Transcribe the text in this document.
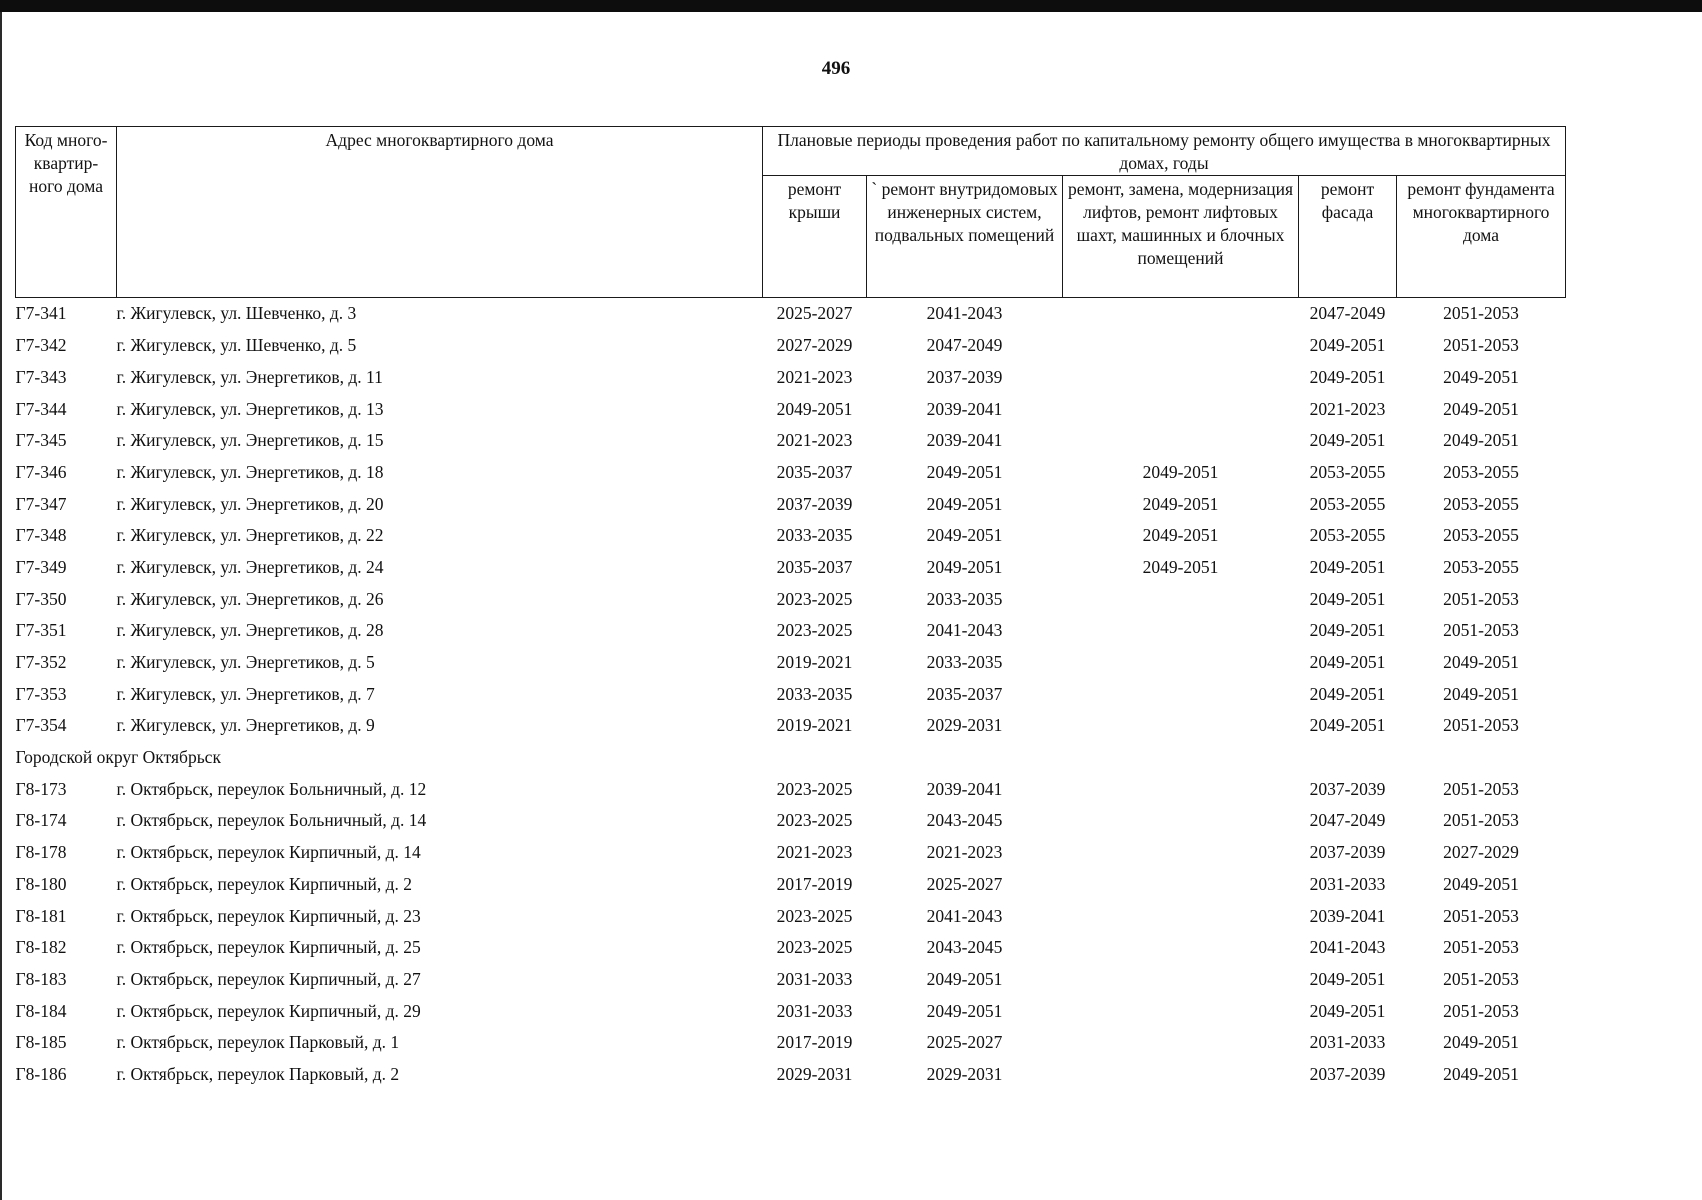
496
Код много-квартир-ного дома	Адрес многоквартирного дома	Плановые периоды проведения работ по капитальному ремонту общего имущества в многоквартирных домах, годы				
		ремонт крыши	` ремонт внутридомовых инженерных систем, подвальных помещений	ремонт, замена, модернизация лифтов, ремонт лифтовых шахт, машинных и блочных помещений	ремонт фасада	ремонт фундамента многоквартирного дома
Г7-341	г. Жигулевск, ул. Шевченко, д. 3	2025-2027	2041-2043		2047-2049	2051-2053
Г7-342	г. Жигулевск, ул. Шевченко, д. 5	2027-2029	2047-2049		2049-2051	2051-2053
Г7-343	г. Жигулевск, ул. Энергетиков, д. 11	2021-2023	2037-2039		2049-2051	2049-2051
Г7-344	г. Жигулевск, ул. Энергетиков, д. 13	2049-2051	2039-2041		2021-2023	2049-2051
Г7-345	г. Жигулевск, ул. Энергетиков, д. 15	2021-2023	2039-2041		2049-2051	2049-2051
Г7-346	г. Жигулевск, ул. Энергетиков, д. 18	2035-2037	2049-2051	2049-2051	2053-2055	2053-2055
Г7-347	г. Жигулевск, ул. Энергетиков, д. 20	2037-2039	2049-2051	2049-2051	2053-2055	2053-2055
Г7-348	г. Жигулевск, ул. Энергетиков, д. 22	2033-2035	2049-2051	2049-2051	2053-2055	2053-2055
Г7-349	г. Жигулевск, ул. Энергетиков, д. 24	2035-2037	2049-2051	2049-2051	2049-2051	2053-2055
Г7-350	г. Жигулевск, ул. Энергетиков, д. 26	2023-2025	2033-2035		2049-2051	2051-2053
Г7-351	г. Жигулевск, ул. Энергетиков, д. 28	2023-2025	2041-2043		2049-2051	2051-2053
Г7-352	г. Жигулевск, ул. Энергетиков, д. 5	2019-2021	2033-2035		2049-2051	2049-2051
Г7-353	г. Жигулевск, ул. Энергетиков, д. 7	2033-2035	2035-2037		2049-2051	2049-2051
Г7-354	г. Жигулевск, ул. Энергетиков, д. 9	2019-2021	2029-2031		2049-2051	2051-2053
Городской округ Октябрьск						
Г8-173	г. Октябрьск, переулок Больничный, д. 12	2023-2025	2039-2041		2037-2039	2051-2053
Г8-174	г. Октябрьск, переулок Больничный, д. 14	2023-2025	2043-2045		2047-2049	2051-2053
Г8-178	г. Октябрьск, переулок Кирпичный, д. 14	2021-2023	2021-2023		2037-2039	2027-2029
Г8-180	г. Октябрьск, переулок Кирпичный, д. 2	2017-2019	2025-2027		2031-2033	2049-2051
Г8-181	г. Октябрьск, переулок Кирпичный, д. 23	2023-2025	2041-2043		2039-2041	2051-2053
Г8-182	г. Октябрьск, переулок Кирпичный, д. 25	2023-2025	2043-2045		2041-2043	2051-2053
Г8-183	г. Октябрьск, переулок Кирпичный, д. 27	2031-2033	2049-2051		2049-2051	2051-2053
Г8-184	г. Октябрьск, переулок Кирпичный, д. 29	2031-2033	2049-2051		2049-2051	2051-2053
Г8-185	г. Октябрьск, переулок Парковый, д. 1	2017-2019	2025-2027		2031-2033	2049-2051
Г8-186	г. Октябрьск, переулок Парковый, д. 2	2029-2031	2029-2031		2037-2039	2049-2051
